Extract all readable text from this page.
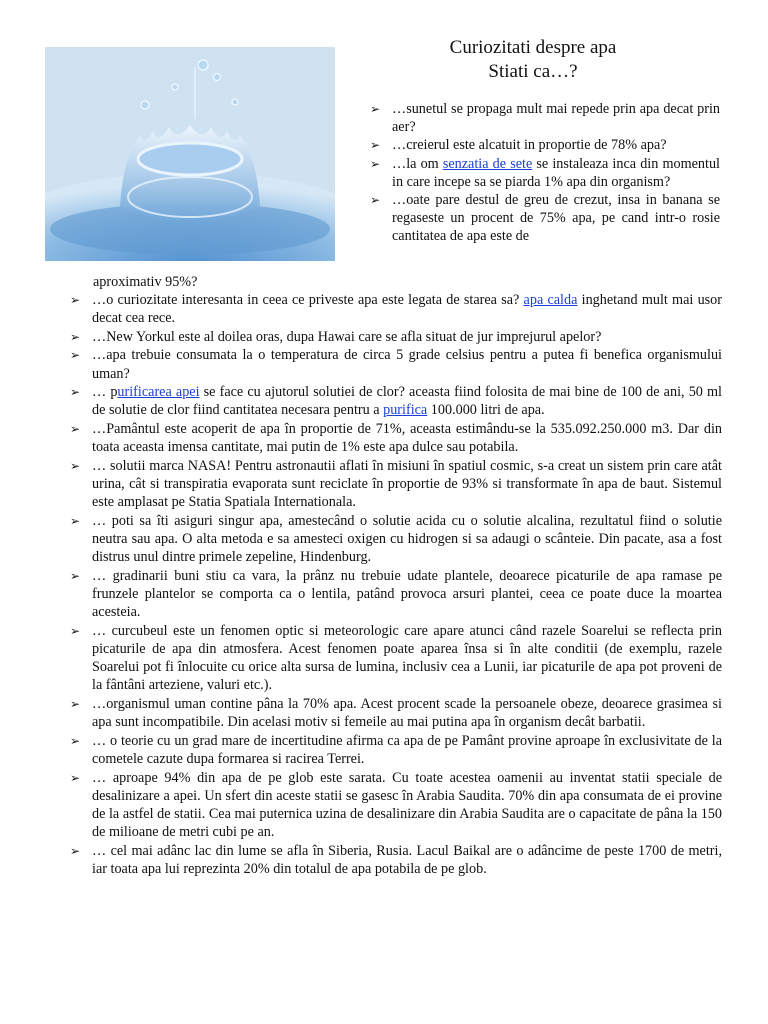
Curiozitati despre apa
Stiati ca…?
➢ …sunetul se propaga mult mai repede prin apa decat prin aer?
➢ …creierul este alcatuit in proportie de 78% apa?
➢ …la om senzatia de sete se instaleaza inca din momentul in care incepe sa se piarda 1% apa din organism?
➢ …oate pare destul de greu de crezut, insa in banana se regaseste un procent de 75% apa, pe cand intr-o rosie cantitatea de apa este de
aproximativ 95%?
➢ …o curiozitate interesanta in ceea ce priveste apa este legata de starea sa? apa calda inghetand mult mai usor decat cea rece.
➢ …New Yorkul este al doilea oras, dupa Hawai care se afla situat de jur imprejurul apelor?
➢ …apa trebuie consumata la o temperatura de circa 5 grade celsius pentru a putea fi benefica organismului uman?
➢ … purificarea apei se face cu ajutorul solutiei de clor? aceasta fiind folosita de mai bine de 100 de ani, 50 ml de solutie de clor fiind cantitatea necesara pentru a purifica 100.000 litri de apa.
➢ …Pamântul este acoperit de apa în proportie de 71%, aceasta estimându-se la 535.092.250.000 m3. Dar din toata aceasta imensa cantitate, mai putin de 1% este apa dulce sau potabila.
➢ … solutii marca NASA! Pentru astronautii aflati în misiuni în spatiul cosmic, s-a creat un sistem prin care atât urina, cât si transpiratia evaporata sunt reciclate în proportie de 93% si transformate în apa de baut. Sistemul este amplasat pe Statia Spatiala Internationala.
➢ … poti sa îti asiguri singur apa, amestecând o solutie acida cu o solutie alcalina, rezultatul fiind o solutie neutra sau apa. O alta metoda e sa amesteci oxigen cu hidrogen si sa adaugi o scânteie. Din pacate, asa a fost distrus unul dintre primele zepeline, Hindenburg.
➢ … gradinarii buni stiu ca vara, la prânz nu trebuie udate plantele, deoarece picaturile de apa ramase pe frunzele plantelor se comporta ca o lentila, patând provoca arsuri plantei, ceea ce poate duce la moartea acesteia.
➢ … curcubeul este un fenomen optic si meteorologic care apare atunci când razele Soarelui se reflecta prin picaturile de apa din atmosfera. Acest fenomen poate aparea însa si în alte conditii (de exemplu, razele Soarelui pot fi înlocuite cu orice alta sursa de lumina, inclusiv cea a Lunii, iar picaturile de apa pot proveni de la fântâni arteziene, valuri etc.).
➢ …organismul uman contine pâna la 70% apa. Acest procent scade la persoanele obeze, deoarece grasimea si apa sunt incompatibile. Din acelasi motiv si femeile au mai putina apa în organism decât barbatii.
➢ … o teorie cu un grad mare de incertitudine afirma ca apa de pe Pamânt provine aproape în exclusivitate de la cometele cazute dupa formarea si racirea Terrei.
➢ … aproape 94% din apa de pe glob este sarata. Cu toate acestea oamenii au inventat statii speciale de desalinizare a apei. Un sfert din aceste statii se gasesc în Arabia Saudita. 70% din apa consumata de ei provine de la astfel de statii. Cea mai puternica uzina de desalinizare din Arabia Saudita are o capacitate de pâna la 150 de milioane de metri cubi pe an.
➢ … cel mai adânc lac din lume se afla în Siberia, Rusia. Lacul Baikal are o adâncime de peste 1700 de metri, iar toata apa lui reprezinta 20% din totalul de apa potabila de pe glob.
